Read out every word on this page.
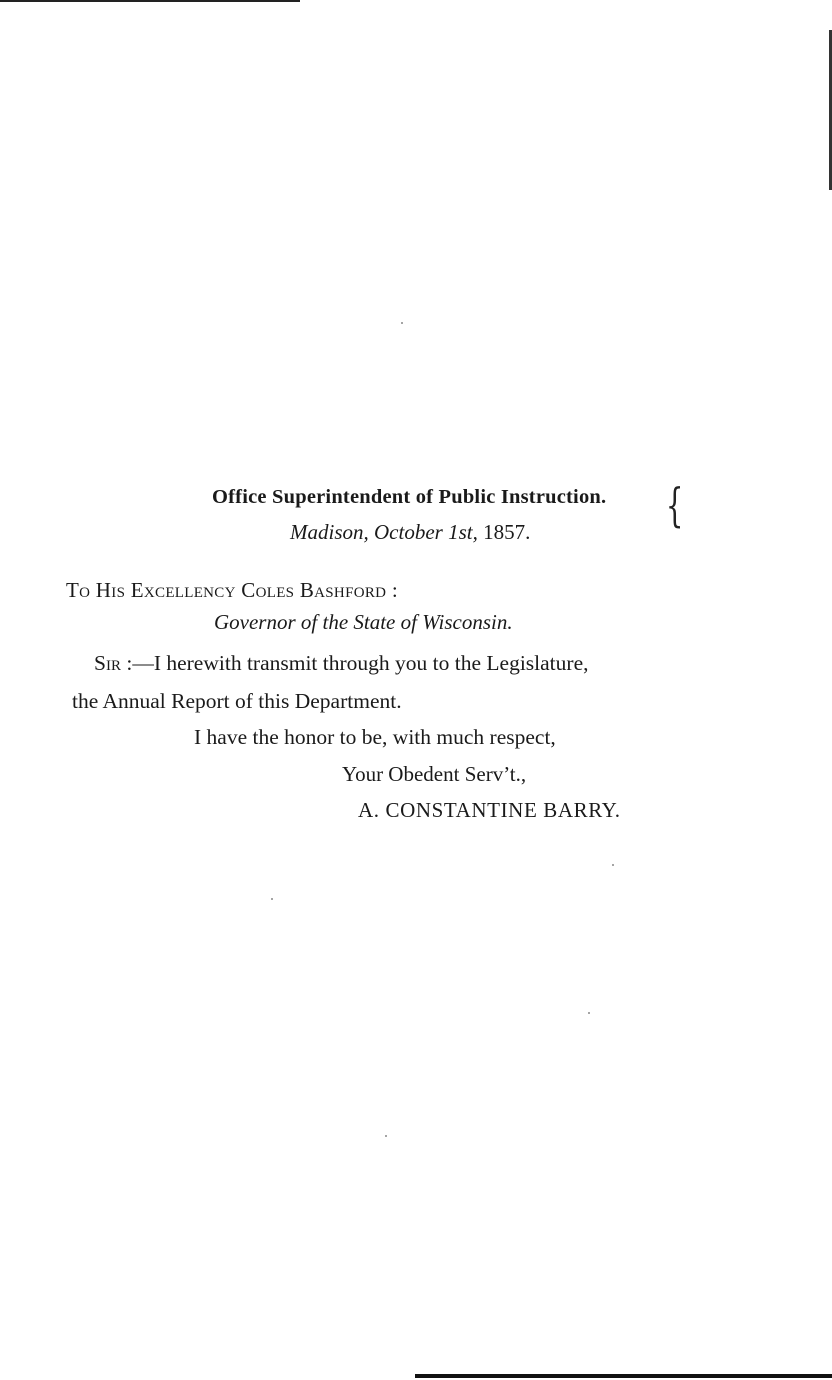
Office Superintendent of Public Instruction. {
Madison, October 1st, 1857.
To His Excellency Coles Bashford :
Governor of the State of Wisconsin.
Sir :—I herewith transmit through you to the Legislature,
the Annual Report of this Department.
I have the honor to be, with much respect,
Your Obedent Serv’t.,
A. CONSTANTINE BARRY.
